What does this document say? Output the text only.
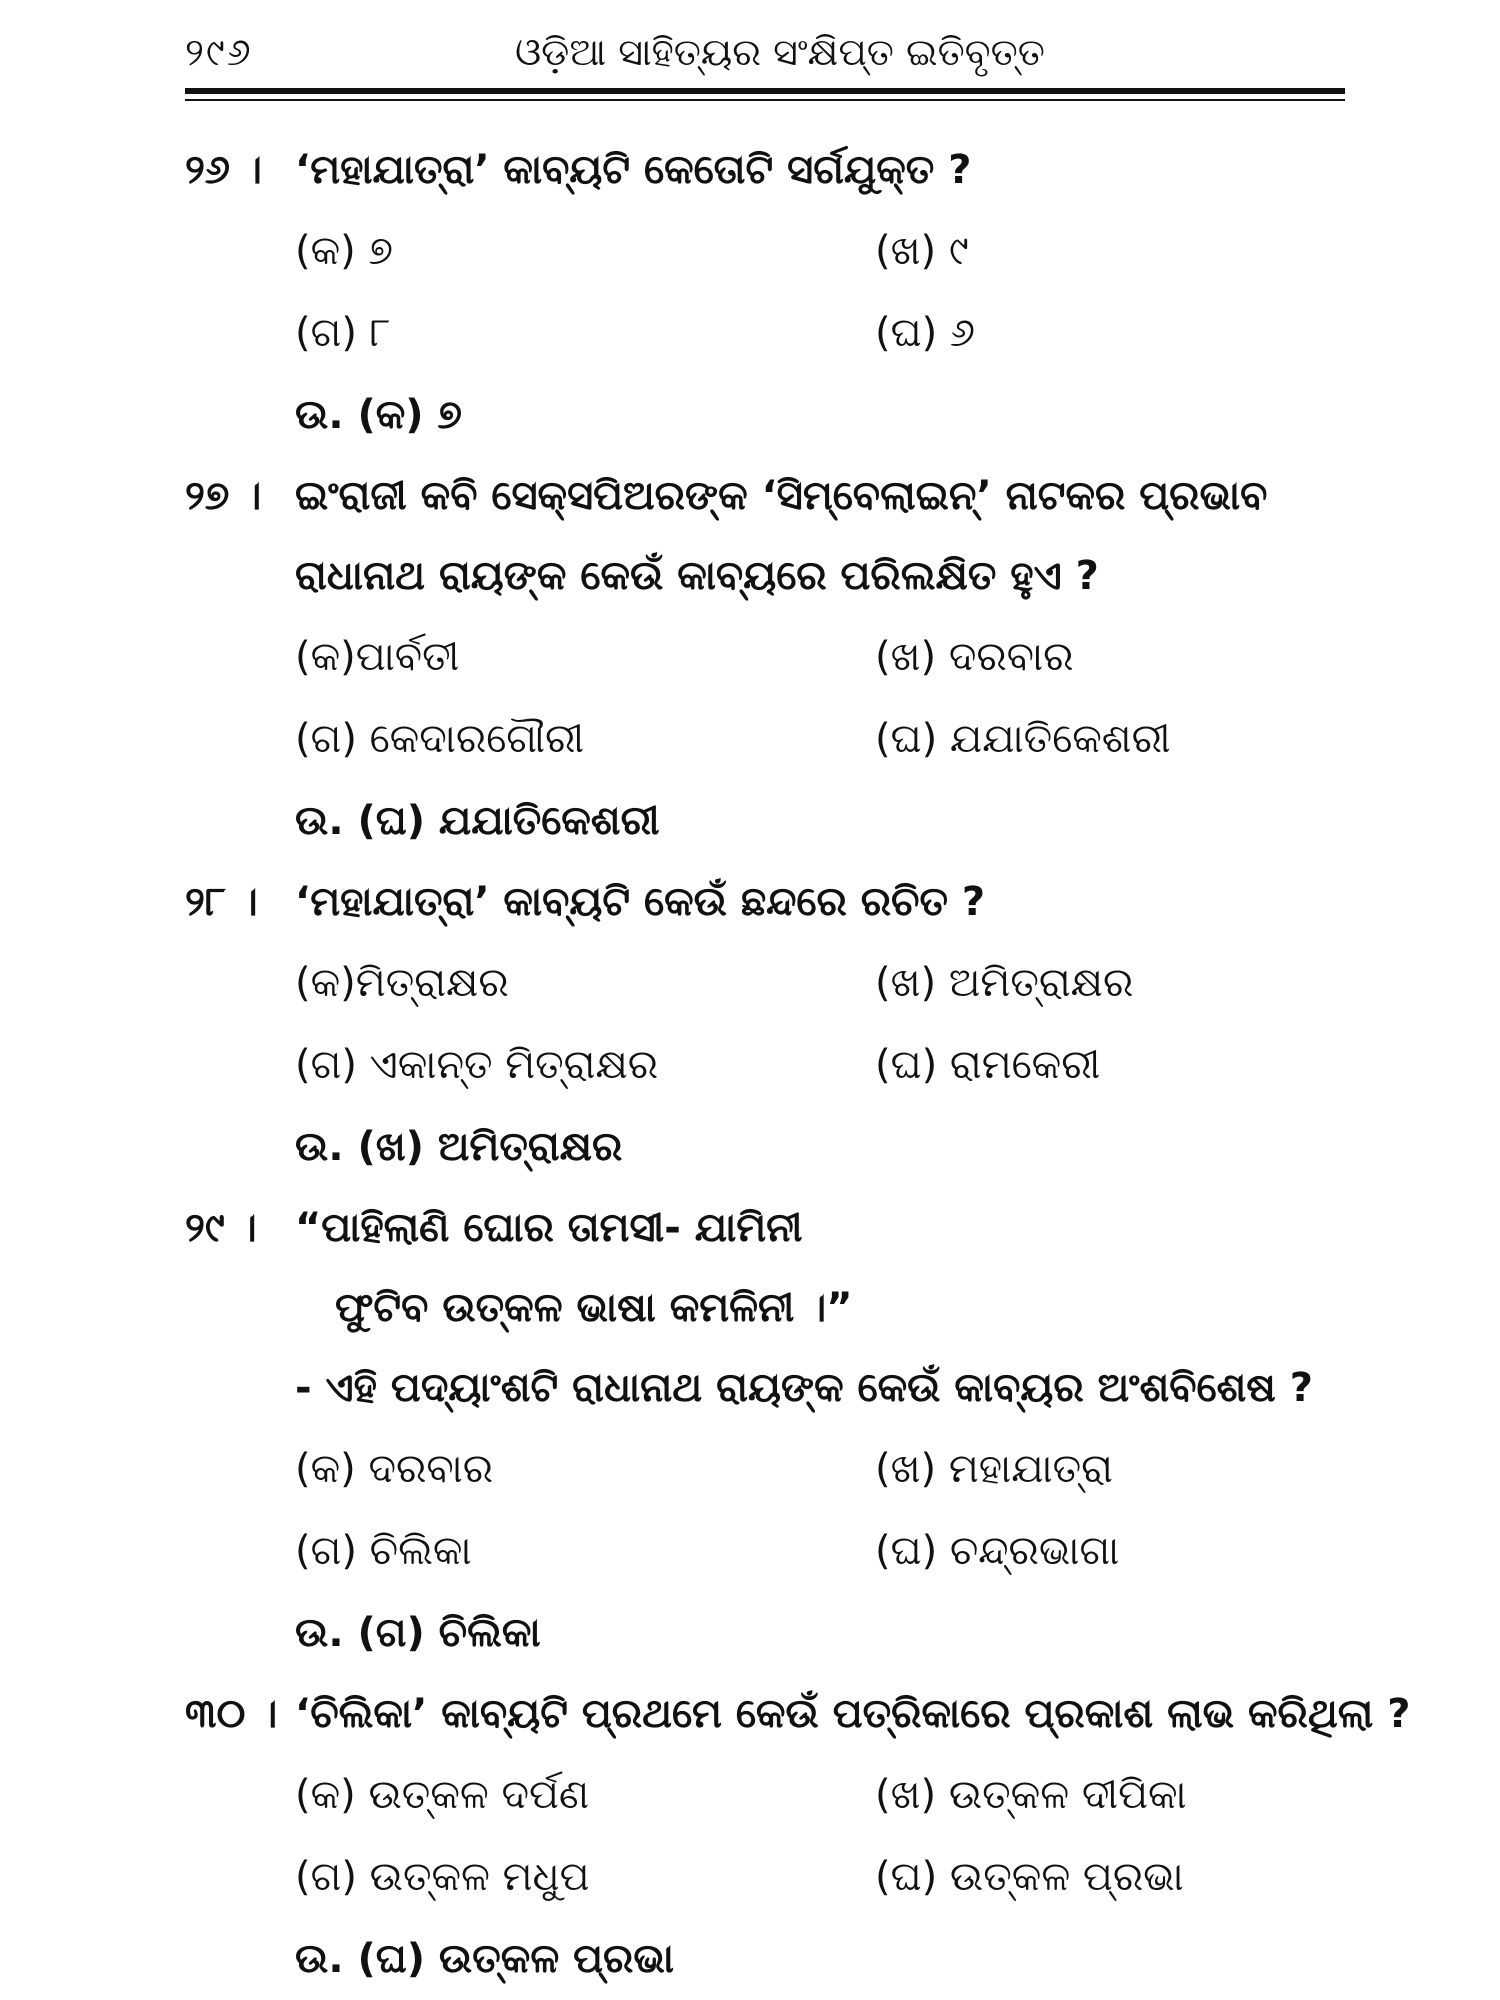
୨୯୬	ଓଡ଼ିଆ ସାହିତ୍ୟର ସଂକ୍ଷିପ୍ତ ଇତିବୃତ୍ତ
୨୬ । ‘ମହାଯାତ୍ରା’ କାବ୍ୟଟି କେତୋଟି ସର୍ଗଯୁକ୍ତ ?
(କ) ୭	(ଖ) ୯
(ଗ) ୮	(ଘ) ୬
ଉ. (କ) ୭
୨୭ । ଇଂରାଜୀ କବି ସେକ୍ସପିଅରଙ୍କ ‘ସିମ୍ବେଲାଇନ୍’ ନାଟକର ପ୍ରଭାବ
ରାଧାନାଥ ରାୟଙ୍କ କେଉଁ କାବ୍ୟରେ ପରିଲକ୍ଷିତ ହୁଏ ?
(କ)ପାର୍ବତୀ	(ଖ) ଦରବାର
(ଗ) କେଦାରଗୌରୀ	(ଘ) ଯଯାତିକେଶରୀ
ଉ. (ଘ) ଯଯାତିକେଶରୀ
୨୮ । ‘ମହାଯାତ୍ରା’ କାବ୍ୟଟି କେଉଁ ଛନ୍ଦରେ ରଚିତ ?
(କ)ମିତ୍ରାକ୍ଷର	(ଖ) ଅମିତ୍ରାକ୍ଷର
(ଗ) ଏକାନ୍ତ ମିତ୍ରାକ୍ଷର	(ଘ) ରାମକେରୀ
ଉ. (ଖ) ଅମିତ୍ରାକ୍ଷର
୨୯ । “ପାହିଲାଣି ଘୋର ତାମସୀ- ଯାମିନୀ
ଫୁଟିବ ଉତ୍କଳ ଭାଷା କମଳିନୀ ।”
- ଏହି ପଦ୍ୟାଂଶଟି ରାଧାନାଥ ରାୟଙ୍କ କେଉଁ କାବ୍ୟର ଅଂଶବିଶେଷ ?
(କ) ଦରବାର	(ଖ) ମହାଯାତ୍ରା
(ଗ) ଚିଲିକା	(ଘ) ଚନ୍ଦ୍ରଭାଗା
ଉ. (ଗ) ଚିଲିକା
୩୦ । ‘ଚିଲିକା’ କାବ୍ୟଟି ପ୍ରଥମେ କେଉଁ ପତ୍ରିକାରେ ପ୍ରକାଶ ଲାଭ କରିଥିଲା ?
(କ) ଉତ୍କଳ ଦର୍ପଣ	(ଖ) ଉତ୍କଳ ଦୀପିକା
(ଗ) ଉତ୍କଳ ମଧୁପ	(ଘ) ଉତ୍କଳ ପ୍ରଭା
ଉ. (ଘ) ଉତ୍କଳ ପ୍ରଭା
